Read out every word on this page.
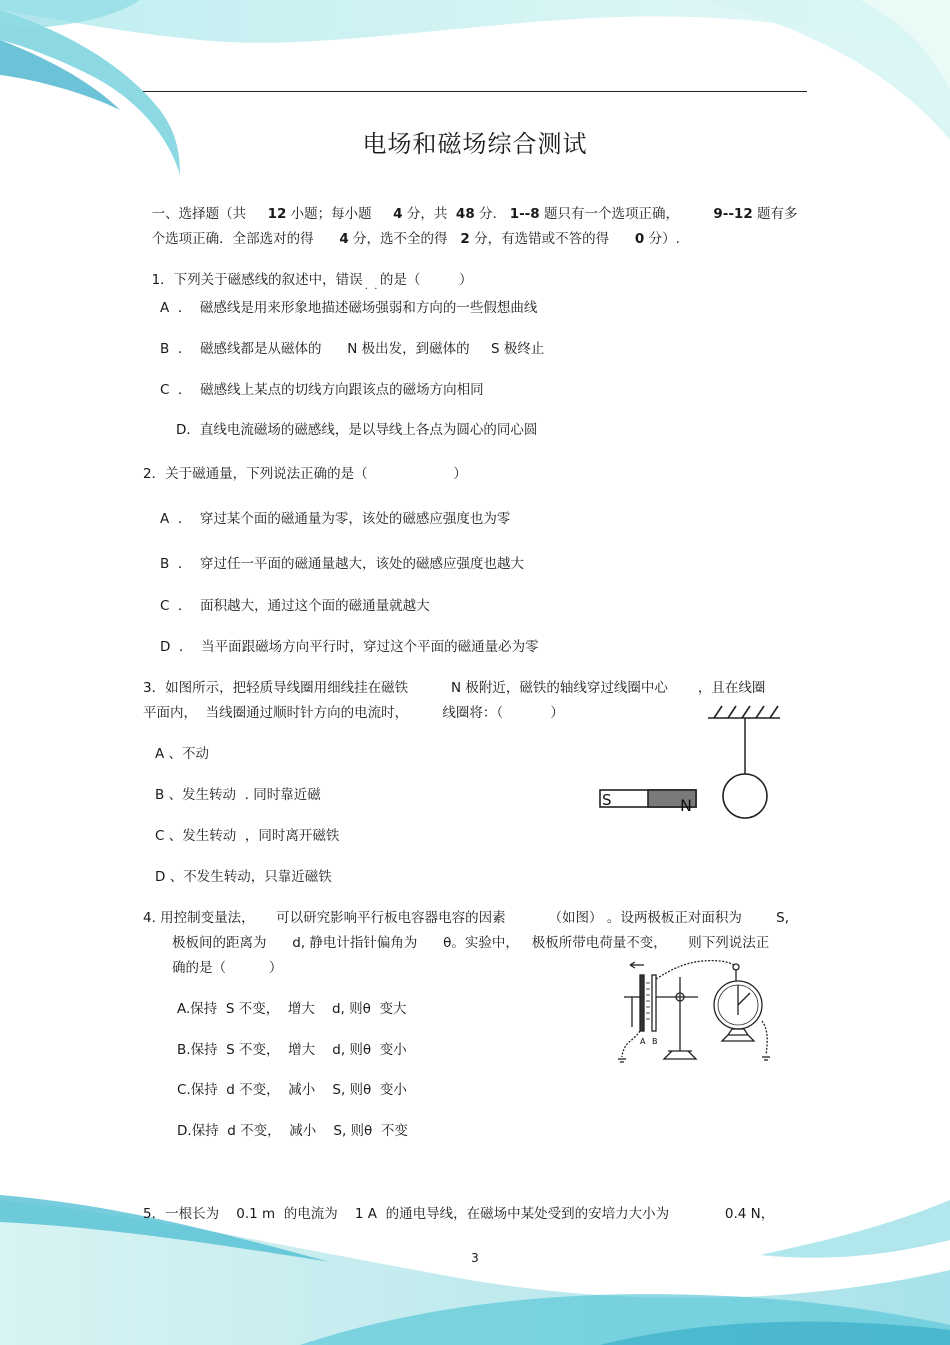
电场和磁场综合测试

一、选择题（共 12 小题；每小题 4 分，共 48 分. 1--8 题只有一个选项正确，	9--12 题有多

个选项正确．全部选对的得 4 分，选不全的得 2 分，有选错或不答的得 0 分）.

1．下列关于磁感线的叙述中，错误 .  . 的是（         ）

A ．  磁感线是用来形象地描述磁场强弱和方向的一些假想曲线
B ．  磁感线都是从磁体的      N 极出发，到磁体的     S 极终止
C ．  磁感线上某点的切线方向跟该点的磁场方向相同
D．直线电流磁场的磁感线，是以导线上各点为圆心的同心圆
2．关于磁通量，下列说法正确的是（                    ）
A ．  穿过某个面的磁通量为零，该处的磁感应强度也为零
B ．  穿过任一平面的磁通量越大，该处的磁感应强度也越大
C ．  面积越大，通过这个面的磁通量就越大
D ．  当平面跟磁场方向平行时，穿过这个平面的磁通量必为零
3．如图所示，把轻质导线圈用细线挂在磁铁          N 极附近，磁铁的轴线穿过线圈中心       ，且在线圈
平面内，  当线圈通过顺时针方向的电流时，        线圈将：（           ）
A 、不动
B 、发生转动  . 同时靠近磁
C 、发生转动  ，同时离开磁铁
D 、不发生转动，只靠近磁铁
S	N
4. 用控制变量法，     可以研究影响平行板电容器电容的因素          （如图） 。设两极板正对面积为        S,
极板间的距离为      d, 静电计指针偏角为      θ。实验中，   极板所带电荷量不变，     则下列说法正
确的是（          ）
A.保持  S 不变，  增大    d, 则θ  变大
B.保持  S 不变，  增大    d, 则θ  变小
C.保持  d 不变，  减小    S, 则θ  变小
D.保持  d 不变，  减小    S, 则θ  不变
A B
5．一根长为    0.1 m  的电流为    1 A  的通电导线，在磁场中某处受到的安培力大小为             0.4 N，
3
